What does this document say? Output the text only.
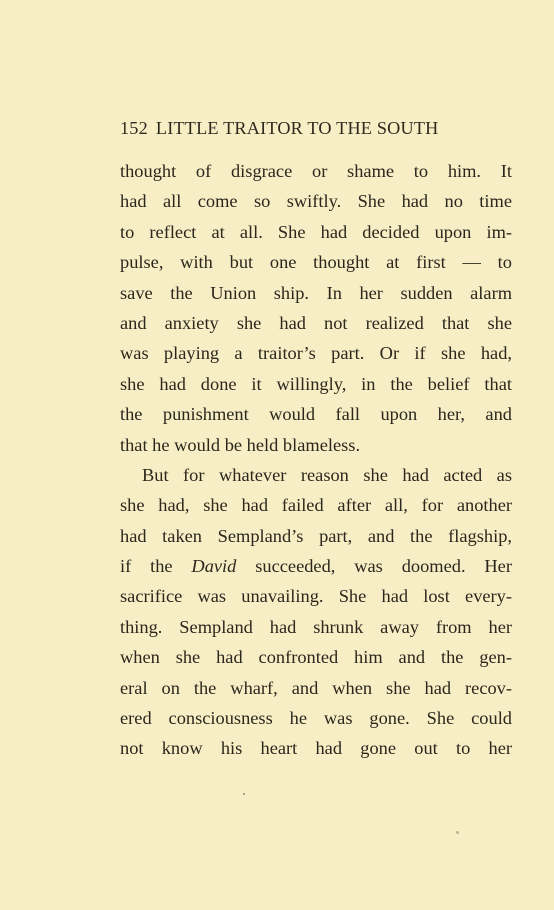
152 LITTLE TRAITOR TO THE SOUTH
thought of disgrace or shame to him. It
had all come so swiftly. She had no time
to reflect at all. She had decided upon im-
pulse, with but one thought at first — to
save the Union ship. In her sudden alarm
and anxiety she had not realized that she
was playing a traitor’s part. Or if she had,
she had done it willingly, in the belief that
the punishment would fall upon her, and
that he would be held blameless.
But for whatever reason she had acted as
she had, she had failed after all, for another
had taken Sempland’s part, and the flagship,
if the David succeeded, was doomed. Her
sacrifice was unavailing. She had lost every-
thing. Sempland had shrunk away from her
when she had confronted him and the gen-
eral on the wharf, and when she had recov-
ered consciousness he was gone. She could
not know his heart had gone out to her
